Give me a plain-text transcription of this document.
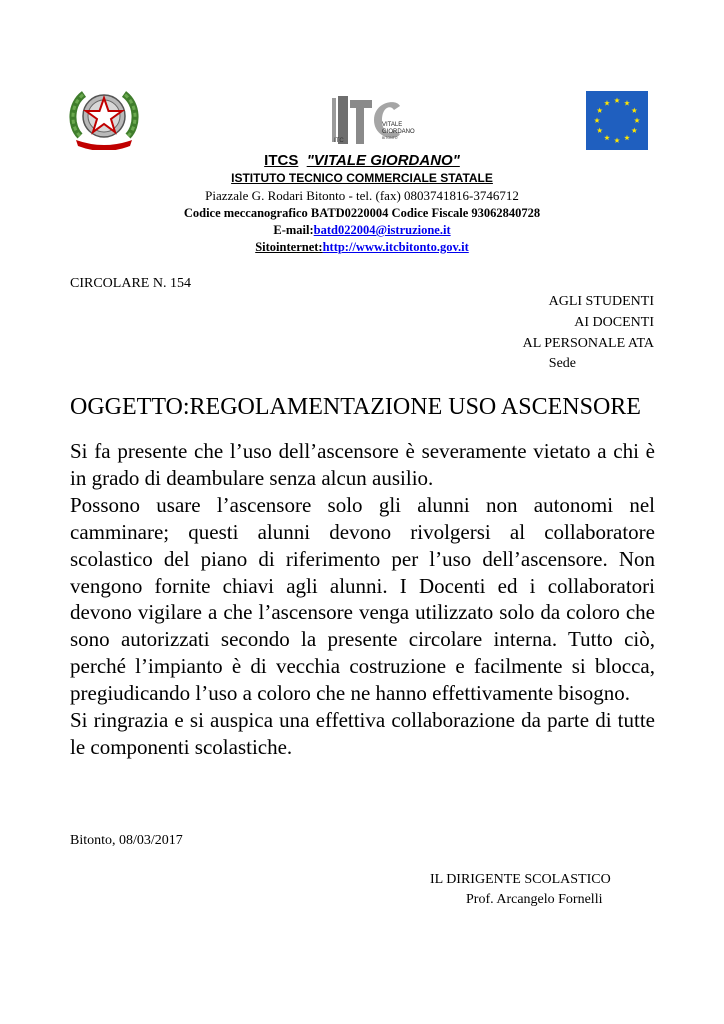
ITC
VITALE
GIORDANO
BITONTO
ITCS "VITALE GIORDANO"
ISTITUTO TECNICO COMMERCIALE STATALE
Piazzale G. Rodari Bitonto - tel. (fax) 0803741816-3746712
Codice meccanografico BATD0220004 Codice Fiscale 93062840728
E-mail:batd022004@istruzione.it
Sitointernet:http://www.itcbitonto.gov.it
CIRCOLARE N. 154
AGLI STUDENTI
AI DOCENTI
AL PERSONALE ATA
Sede
OGGETTO:REGOLAMENTAZIONE USO ASCENSORE

Si fa presente che l’uso dell’ascensore è severamente vietato a chi è in grado di deambulare senza alcun ausilio.

Possono usare l’ascensore solo gli alunni non autonomi nel camminare; questi alunni devono rivolgersi al collaboratore scolastico del piano di riferimento per l’uso dell’ascensore. Non vengono fornite chiavi agli alunni. I Docenti ed i collaboratori devono vigilare a che l’ascensore venga utilizzato solo da coloro che sono autorizzati secondo la presente circolare interna. Tutto ciò, perché l’impianto è di vecchia costruzione e facilmente si blocca, pregiudicando l’uso a coloro che ne hanno effettivamente bisogno.

Si ringrazia e si auspica una effettiva collaborazione da parte di tutte le componenti scolastiche.

Bitonto, 08/03/2017
IL DIRIGENTE SCOLASTICO
Prof. Arcangelo Fornelli
